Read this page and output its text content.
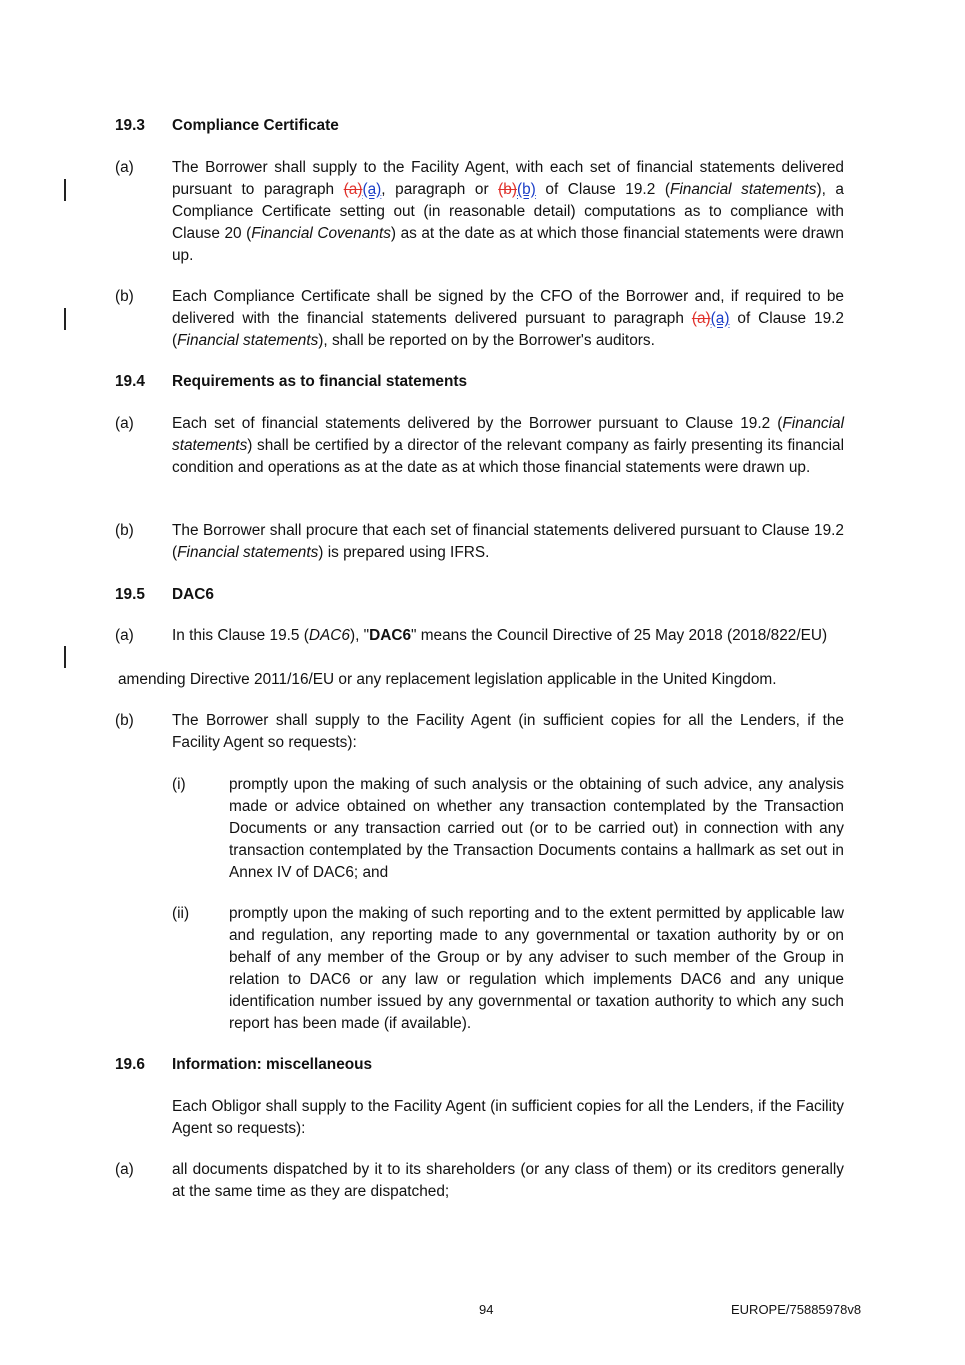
19.3 Compliance Certificate
(a) The Borrower shall supply to the Facility Agent, with each set of financial statements delivered pursuant to paragraph (a)(a), paragraph or (b)(b) of Clause 19.2 (Financial statements), a Compliance Certificate setting out (in reasonable detail) computations as to compliance with Clause 20 (Financial Covenants) as at the date as at which those financial statements were drawn up.
(b) Each Compliance Certificate shall be signed by the CFO of the Borrower and, if required to be delivered with the financial statements delivered pursuant to paragraph (a)(a) of Clause 19.2 (Financial statements), shall be reported on by the Borrower's auditors.
19.4 Requirements as to financial statements
(a) Each set of financial statements delivered by the Borrower pursuant to Clause 19.2 (Financial statements) shall be certified by a director of the relevant company as fairly presenting its financial condition and operations as at the date as at which those financial statements were drawn up.
(b) The Borrower shall procure that each set of financial statements delivered pursuant to Clause 19.2 (Financial statements) is prepared using IFRS.
19.5 DAC6
(a) In this Clause 19.5 (DAC6), "DAC6" means the Council Directive of 25 May 2018 (2018/822/EU)
amending Directive 2011/16/EU or any replacement legislation applicable in the United Kingdom.
(b) The Borrower shall supply to the Facility Agent (in sufficient copies for all the Lenders, if the Facility Agent so requests):
(i)	promptly upon the making of such analysis or the obtaining of such advice, any analysis made or advice obtained on whether any transaction contemplated by the Transaction Documents or any transaction carried out (or to be carried out) in connection with any transaction contemplated by the Transaction Documents contains a hallmark as set out in Annex IV of DAC6; and
(ii)	promptly upon the making of such reporting and to the extent permitted by applicable law and regulation, any reporting made to any governmental or taxation authority by or on behalf of any member of the Group or by any adviser to such member of the Group in relation to DAC6 or any law or regulation which implements DAC6 and any unique identification number issued by any governmental or taxation authority to which any such report has been made (if available).
19.6 Information: miscellaneous
Each Obligor shall supply to the Facility Agent (in sufficient copies for all the Lenders, if the Facility Agent so requests):
(a) all documents dispatched by it to its shareholders (or any class of them) or its creditors generally at the same time as they are dispatched;
94	EUROPE/75885978v8
